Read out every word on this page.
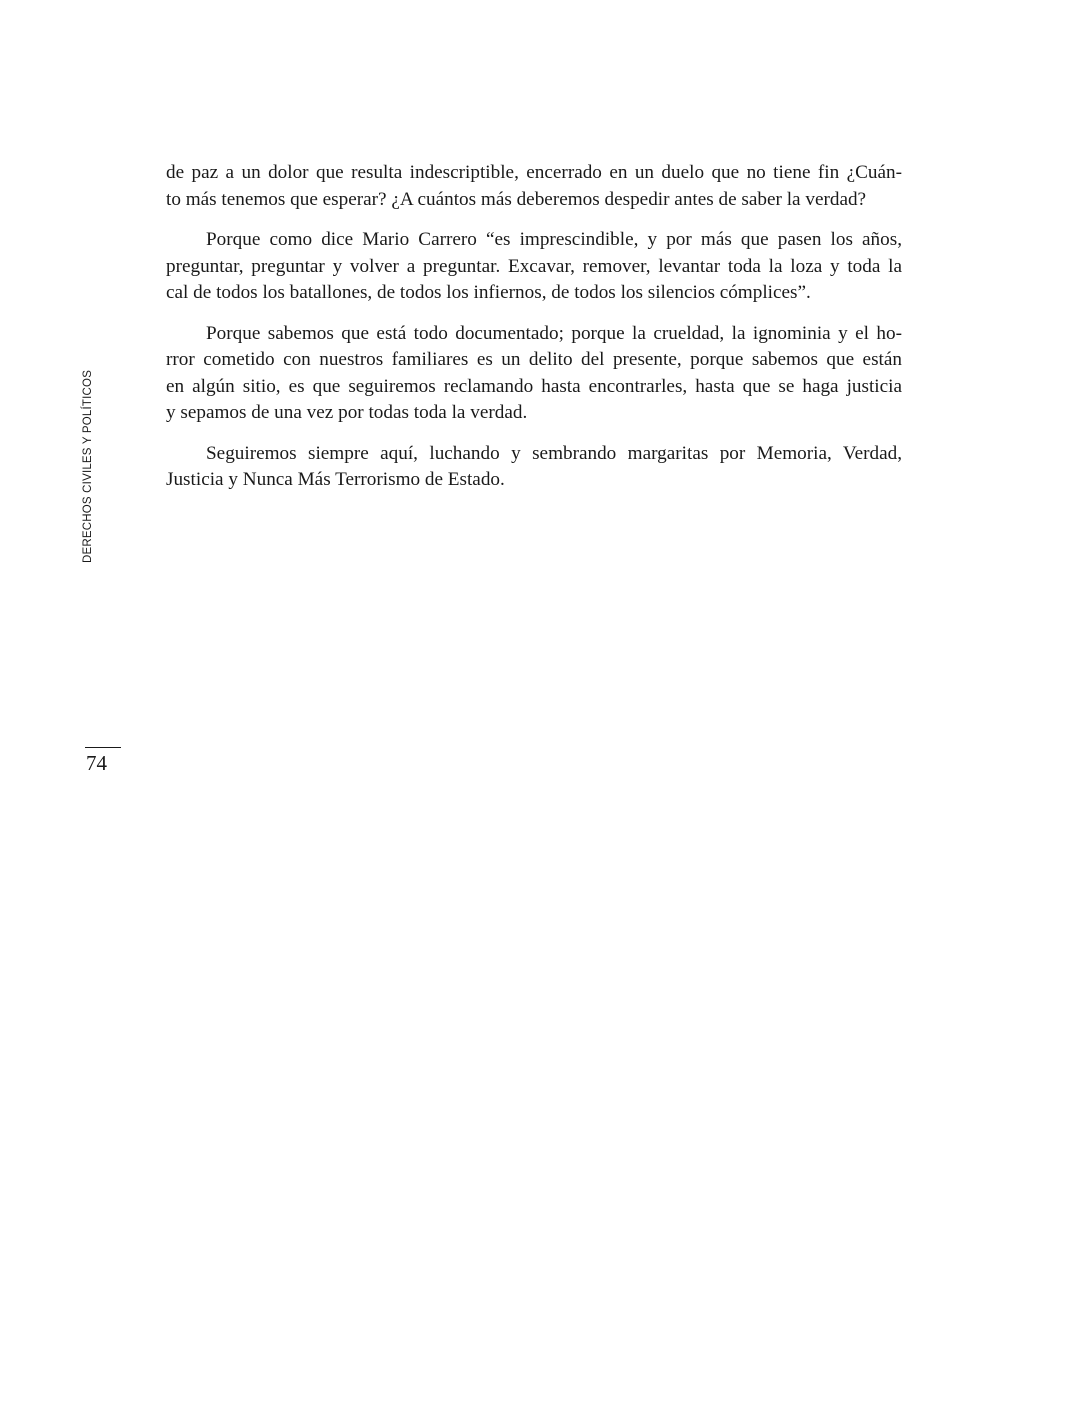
DERECHOS CIVILES Y POLÍTICOS

de paz a un dolor que resulta indescriptible, encerrado en un duelo que no tiene fin ¿Cuán-
to más tenemos que esperar? ¿A cuántos más deberemos despedir antes de saber la verdad?

Porque como dice Mario Carrero “es imprescindible, y por más que pasen los años,
preguntar, preguntar y volver a preguntar. Excavar, remover, levantar toda la loza y toda la
cal de todos los batallones, de todos los infiernos, de todos los silencios cómplices”.

Porque sabemos que está todo documentado; porque la crueldad, la ignominia y el ho-
rror cometido con nuestros familiares es un delito del presente, porque sabemos que están
en algún sitio, es que seguiremos reclamando hasta encontrarles, hasta que se haga justicia
y sepamos de una vez por todas toda la verdad.

Seguiremos siempre aquí, luchando y sembrando margaritas por Memoria, Verdad,
Justicia y Nunca Más Terrorismo de Estado.

74
